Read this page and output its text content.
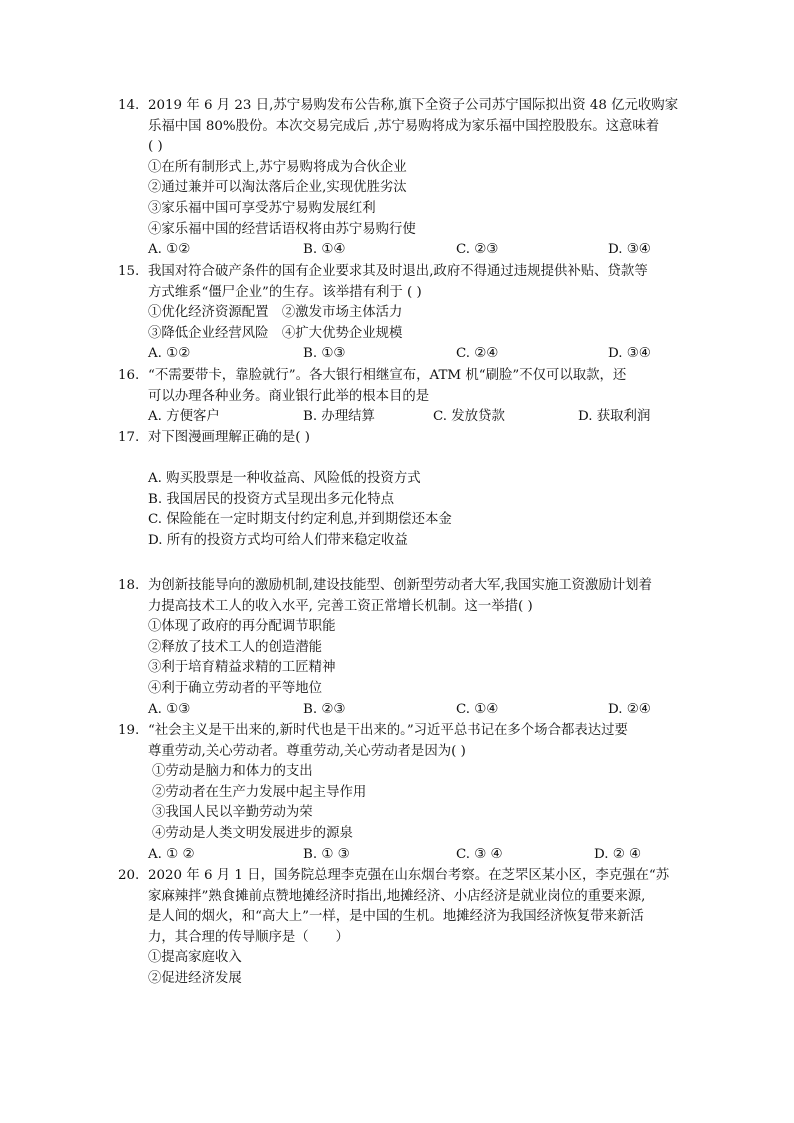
14. 2019 年 6 月 23 日,苏宁易购发布公告称,旗下全资子公司苏宁国际拟出资 48 亿元收购家
乐福中国 80%股份。本次交易完成后 ,苏宁易购将成为家乐福中国控股股东。这意味着
( )
①在所有制形式上,苏宁易购将成为合伙企业
②通过兼并可以淘汰落后企业,实现优胜劣汰
③家乐福中国可享受苏宁易购发展红利
④家乐福中国的经营话语权将由苏宁易购行使
A. ①②	B. ①④	C. ②③	D. ③④
15. 我国对符合破产条件的国有企业要求其及时退出,政府不得通过违规提供补贴、贷款等
方式维系“僵尸企业”的生存。该举措有利于 ( )
①优化经济资源配置　②激发市场主体活力
③降低企业经营风险　④扩大优势企业规模
A. ①②	B. ①③	C. ②④	D. ③④
16. “不需要带卡，靠脸就行”。各大银行相继宣布，ATM 机“刷脸”不仅可以取款，还
可以办理各种业务。商业银行此举的根本目的是
A. 方便客户	B. 办理结算	C. 发放贷款	D. 获取利润
17. 对下图漫画理解正确的是( )
A. 购买股票是一种收益高、风险低的投资方式
B. 我国居民的投资方式呈现出多元化特点
C. 保险能在一定时期支付约定利息,并到期偿还本金
D. 所有的投资方式均可给人们带来稳定收益
18. 为创新技能导向的激励机制,建设技能型、创新型劳动者大军,我国实施工资激励计划着
力提高技术工人的收入水平, 完善工资正常增长机制。这一举措( )
①体现了政府的再分配调节职能
②释放了技术工人的创造潜能
③利于培育精益求精的工匠精神
④利于确立劳动者的平等地位
A. ①③	B. ②③	C. ①④	D. ②④
19. “社会主义是干出来的,新时代也是干出来的。”习近平总书记在多个场合都表达过要
尊重劳动,关心劳动者。尊重劳动,关心劳动者是因为( )
①劳动是脑力和体力的支出
②劳动者在生产力发展中起主导作用
③我国人民以辛勤劳动为荣
④劳动是人类文明发展进步的源泉
A. ① ②	B. ① ③	C. ③ ④	D. ② ④
20. 2020 年 6 月 1 日，国务院总理李克强在山东烟台考察。在芝罘区某小区，李克强在“苏
家麻辣拌”熟食摊前点赞地摊经济时指出,地摊经济、小店经济是就业岗位的重要来源,
是人间的烟火，和“高大上”一样，是中国的生机。地摊经济为我国经济恢复带来新活
力，其合理的传导顺序是（　　）
①提高家庭收入
②促进经济发展
